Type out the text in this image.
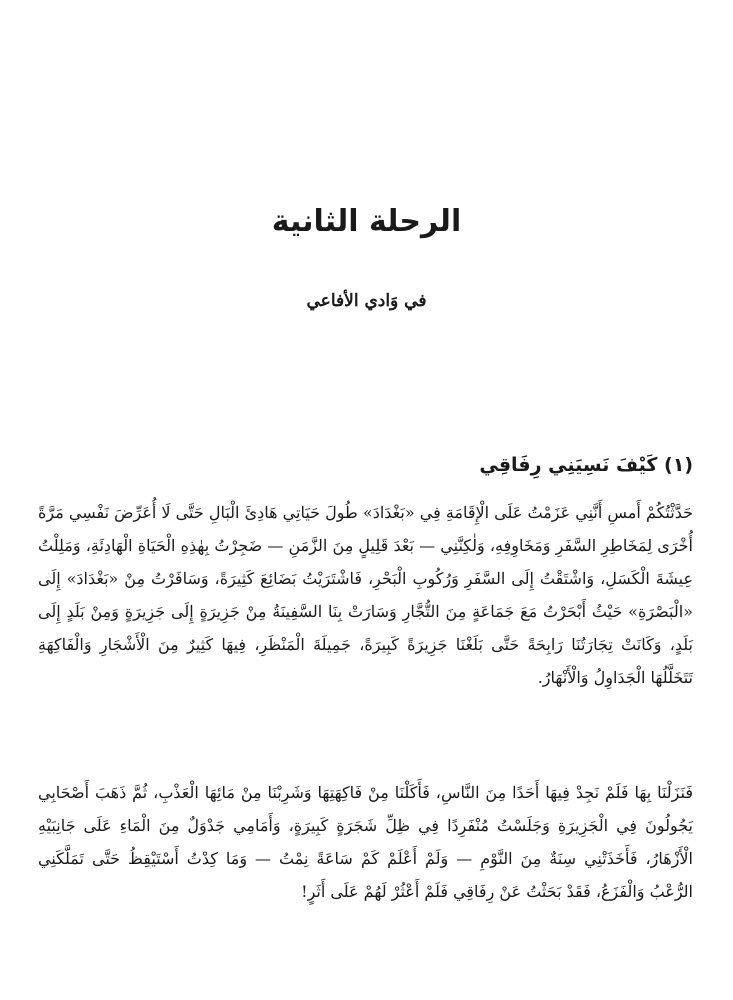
الرحلة الثانية
في وَادي الأفاعي
(١) كَيْفَ نَسِيَنِي رِفَاقِي

حَدَّثْتُكُمْ أَمسِ أَنَّنِي عَزَمْتُ عَلَى الْإِقَامَةِ فِي «بَغْدَادَ» طُولَ حَيَاتِي هَادِئَ الْبَالِ حَتَّى لَا أُعَرِّضَ نَفْسِي مَرَّةً أُخْرَى لِمَخَاطِرِ السَّفَرِ وَمَخَاوِفِهِ، وَلٰكِنَّنِي — بَعْدَ قَلِيلٍ مِنَ الزَّمَنِ — ضَجِرْتُ بِهٰذِهِ الْحَيَاةِ الْهَادِئَةِ، وَمَلِلْتُ عِيشَةَ الْكَسَلِ، وَاشْتَقْتُ إِلَى السَّفَرِ وَرُكُوبِ الْبَحْرِ، فَاشْتَرَيْتُ بَضَائِعَ كَثِيرَةً، وَسَافَرْتُ مِنْ «بَغْدَادَ» إِلَى «الْبَصْرَةِ» حَيْثُ أَبْحَرْتُ مَعَ جَمَاعَةٍ مِنَ التُّجَّارِ وَسَارَتْ بِنَا السَّفِينَةُ مِنْ جَزِيرَةٍ إِلَى جَزِيرَةٍ وَمِنْ بَلَدٍ إِلَى بَلَدٍ، وَكَانَتْ تِجَارَتُنَا رَابِحَةً حَتَّى بَلَغْنَا جَزِيرَةً كَبِيرَةً، جَمِيلَةَ الْمَنْظَرِ، فِيهَا كَثِيرٌ مِنَ الْأَشْجَارِ وَالْفَاكِهَةِ تَتَخَلَّلُهَا الْجَدَاوِلُ وَالْأَنْهَارُ.

فَنَزَلْنَا بِهَا فَلَمْ نَجِدْ فِيهَا أَحَدًا مِنَ النَّاسِ، فَأَكَلْنَا مِنْ فَاكِهَتِهَا وَشَرِبْنَا مِنْ مَائِهَا الْعَذْبِ، ثُمَّ ذَهَبَ أَصْحَابِي يَجُولُونَ فِي الْجَزِيرَةِ وَجَلَسْتُ مُنْفَرِدًا فِي ظِلِّ شَجَرَةٍ كَبِيرَةٍ، وَأَمَامِي جَدْوَلٌ مِنَ الْمَاءِ عَلَى جَانِبَيْهِ الْأَزْهَارُ، فَأَخَذَتْنِي سِنَةٌ مِنَ النَّوْمِ — وَلَمْ أَعْلَمْ كَمْ سَاعَةً نِمْتُ — وَمَا كِدْتُ أَسْتَيْقِظُ حَتَّى تَمَلَّكَنِي الرُّعْبُ وَالْفَزَعُ، فَقَدْ بَحَثْتُ عَنْ رِفَاقِي فَلَمْ أَعْثُرْ لَهُمْ عَلَى أَثَرٍ!
